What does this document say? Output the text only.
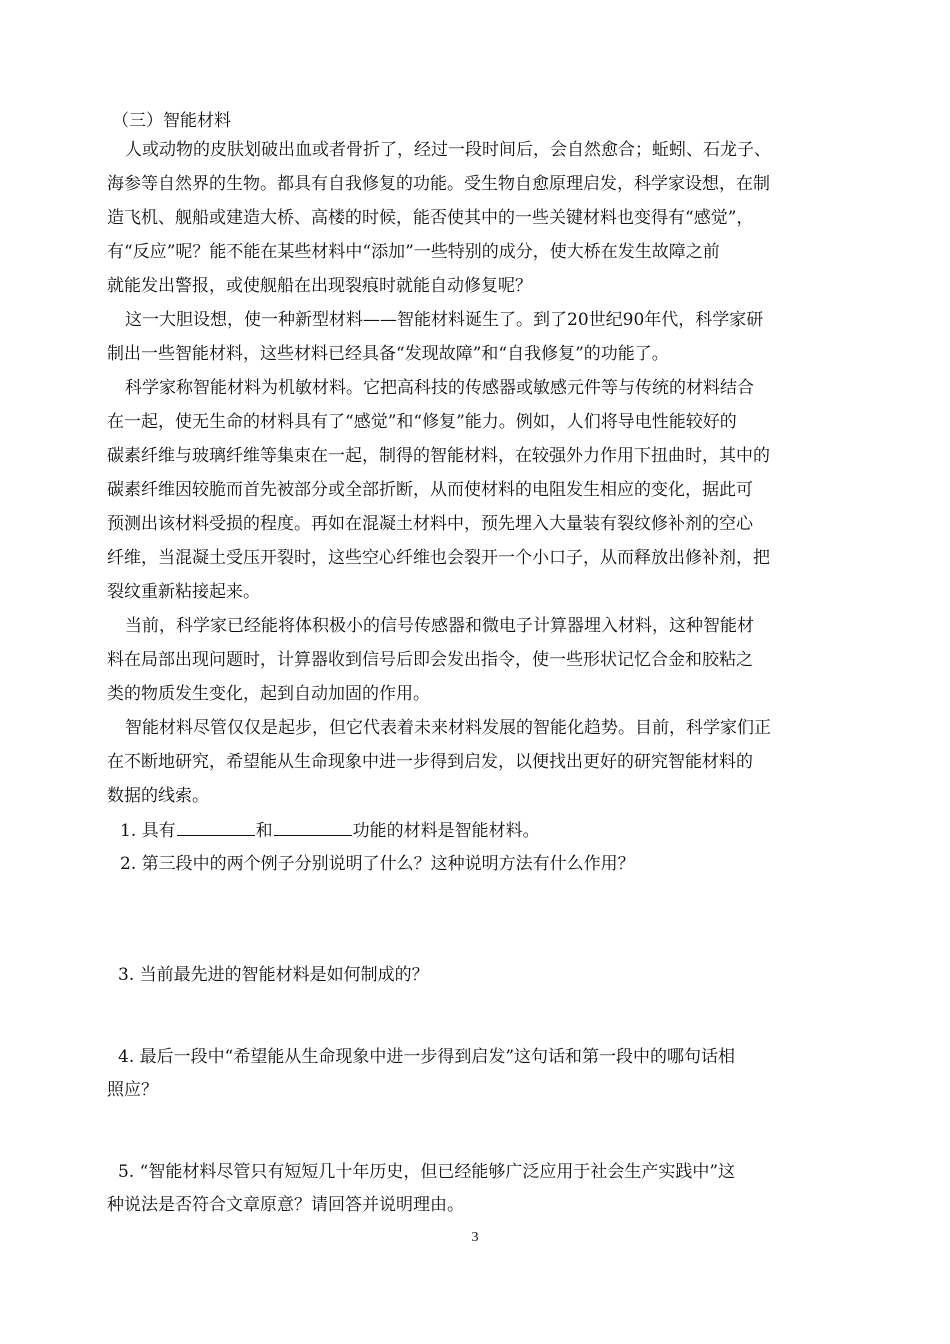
（三）智能材料
人或动物的皮肤划破出血或者骨折了，经过一段时间后，会自然愈合；蚯蚓、石龙子、
海参等自然界的生物。都具有自我修复的功能。受生物自愈原理启发，科学家设想，在制
造飞机、舰船或建造大桥、高楼的时候，能否使其中的一些关键材料也变得有“感觉”，
有“反应”呢？能不能在某些材料中“添加”一些特别的成分，使大桥在发生故障之前
就能发出警报，或使舰船在出现裂痕时就能自动修复呢？
这一大胆设想，使一种新型材料——智能材料诞生了。到了20世纪90年代，科学家研
制出一些智能材料，这些材料已经具备“发现故障”和“自我修复”的功能了。
科学家称智能材料为机敏材料。它把高科技的传感器或敏感元件等与传统的材料结合
在一起，使无生命的材料具有了“感觉”和“修复”能力。例如，人们将导电性能较好的
碳素纤维与玻璃纤维等集束在一起，制得的智能材料，在较强外力作用下扭曲时，其中的
碳素纤维因较脆而首先被部分或全部折断，从而使材料的电阻发生相应的变化，据此可
预测出该材料受损的程度。再如在混凝土材料中，预先埋入大量装有裂纹修补剂的空心
纤维，当混凝土受压开裂时，这些空心纤维也会裂开一个小口子，从而释放出修补剂，把
裂纹重新粘接起来。
当前，科学家已经能将体积极小的信号传感器和微电子计算器埋入材料，这种智能材
料在局部出现问题时，计算器收到信号后即会发出指令，使一些形状记忆合金和胶粘之
类的物质发生变化，起到自动加固的作用。
智能材料尽管仅仅是起步，但它代表着未来材料发展的智能化趋势。目前，科学家们正
在不断地研究，希望能从生命现象中进一步得到启发，以便找出更好的研究智能材料的
数据的线索。
1. 具有	和	功能的材料是智能材料。
2. 第三段中的两个例子分别说明了什么？这种说明方法有什么作用？
3. 当前最先进的智能材料是如何制成的？
4. 最后一段中“希望能从生命现象中进一步得到启发”这句话和第一段中的哪句话相
照应？
5. “智能材料尽管只有短短几十年历史，但已经能够广泛应用于社会生产实践中”这
种说法是否符合文章原意？请回答并说明理由。
3
